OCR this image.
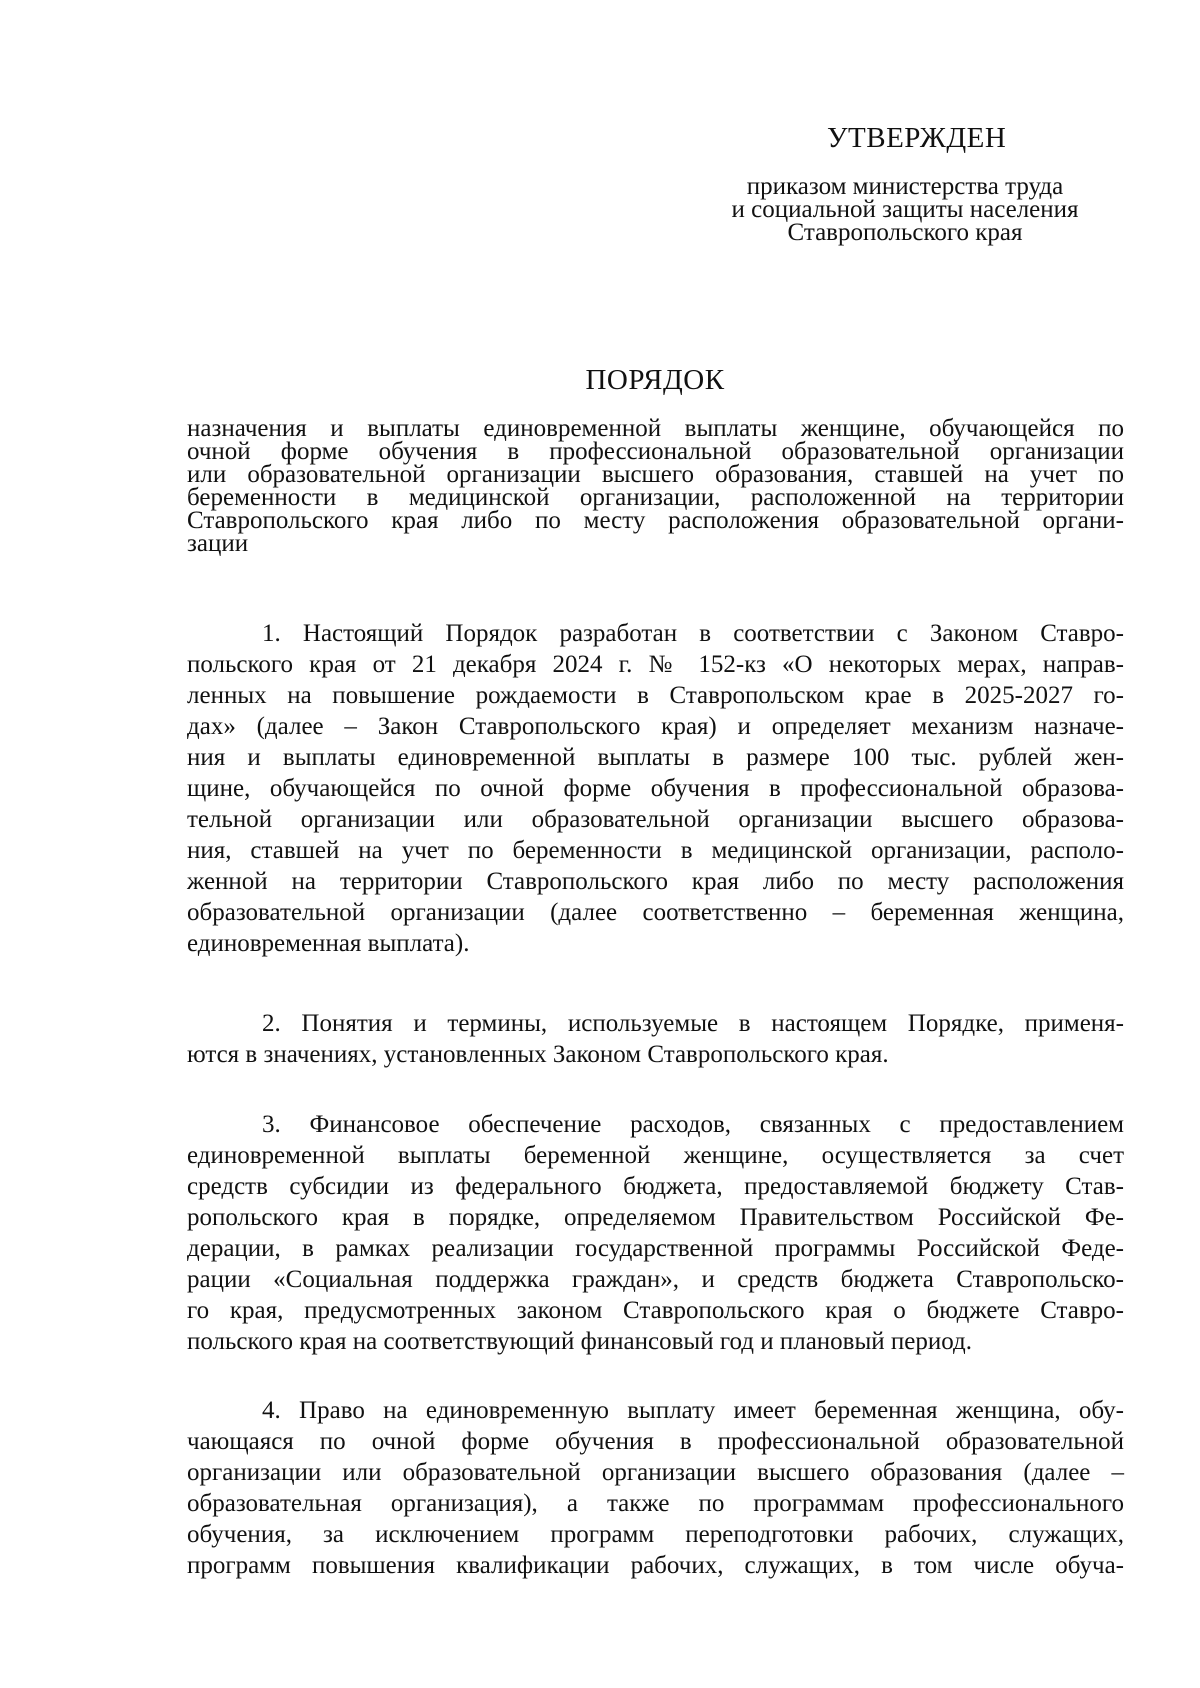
УТВЕРЖДЕН
приказом министерства труда
и социальной защиты населения
Ставропольского края
ПОРЯДОК
назначения и выплаты единовременной выплаты женщине, обучающейся по
очной форме обучения в профессиональной образовательной организации
или образовательной организации высшего образования, ставшей на учет по
беременности в медицинской организации, расположенной на территории
Ставропольского края либо по месту расположения образовательной органи-
зации
1. Настоящий Порядок разработан в соответствии с Законом Ставро-
польского края от 21 декабря 2024 г. № 152-кз «О некоторых мерах, направ-
ленных на повышение рождаемости в Ставропольском крае в 2025-2027 го-
дах» (далее – Закон Ставропольского края) и определяет механизм назначе-
ния и выплаты единовременной выплаты в размере 100 тыс. рублей жен-
щине, обучающейся по очной форме обучения в профессиональной образова-
тельной организации или образовательной организации высшего образова-
ния, ставшей на учет по беременности в медицинской организации, располо-
женной на территории Ставропольского края либо по месту расположения
образовательной организации (далее соответственно – беременная женщина,
единовременная выплата).
2. Понятия и термины, используемые в настоящем Порядке, применя-
ются в значениях, установленных Законом Ставропольского края.
3. Финансовое обеспечение расходов, связанных с предоставлением
единовременной выплаты беременной женщине, осуществляется за счет
средств субсидии из федерального бюджета, предоставляемой бюджету Став-
ропольского края в порядке, определяемом Правительством Российской Фе-
дерации, в рамках реализации государственной программы Российской Феде-
рации «Социальная поддержка граждан», и средств бюджета Ставропольско-
го края, предусмотренных законом Ставропольского края о бюджете Ставро-
польского края на соответствующий финансовый год и плановый период.
4. Право на единовременную выплату имеет беременная женщина, обу-
чающаяся по очной форме обучения в профессиональной образовательной
организации или образовательной организации высшего образования (далее –
образовательная организация), а также по программам профессионального
обучения, за исключением программ переподготовки рабочих, служащих,
программ повышения квалификации рабочих, служащих, в том числе обуча-
